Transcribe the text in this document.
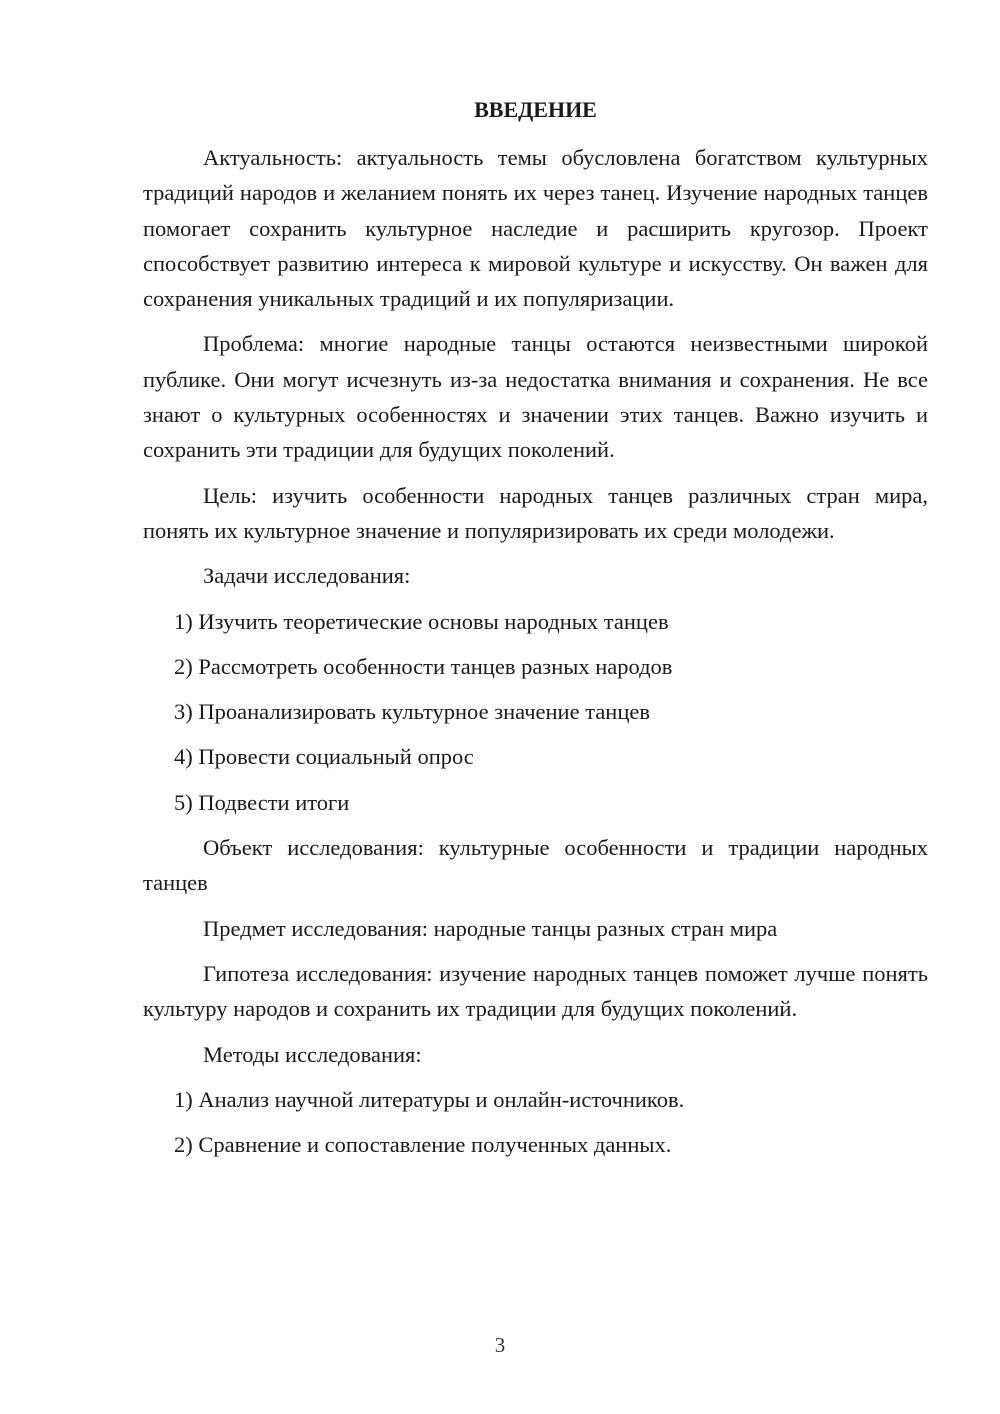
ВВЕДЕНИЕ

Актуальность: актуальность темы обусловлена богатством культурных традиций народов и желанием понять их через танец. Изучение народных танцев помогает сохранить культурное наследие и расширить кругозор. Проект способствует развитию интереса к мировой культуре и искусству. Он важен для сохранения уникальных традиций и их популяризации.

Проблема: многие народные танцы остаются неизвестными широкой публике. Они могут исчезнуть из-за недостатка внимания и сохранения. Не все знают о культурных особенностях и значении этих танцев. Важно изучить и сохранить эти традиции для будущих поколений.

Цель: изучить особенности народных танцев различных стран мира, понять их культурное значение и популяризировать их среди молодежи.

Задачи исследования:

1) Изучить теоретические основы народных танцев
2) Рассмотреть особенности танцев разных народов
3) Проанализировать культурное значение танцев
4) Провести социальный опрос
5) Подвести итоги

Объект исследования: культурные особенности и традиции народных танцев

Предмет исследования: народные танцы разных стран мира

Гипотеза исследования: изучение народных танцев поможет лучше понять культуру народов и сохранить их традиции для будущих поколений.

Методы исследования:

1) Анализ научной литературы и онлайн-источников.
2) Сравнение и сопоставление полученных данных.
3
